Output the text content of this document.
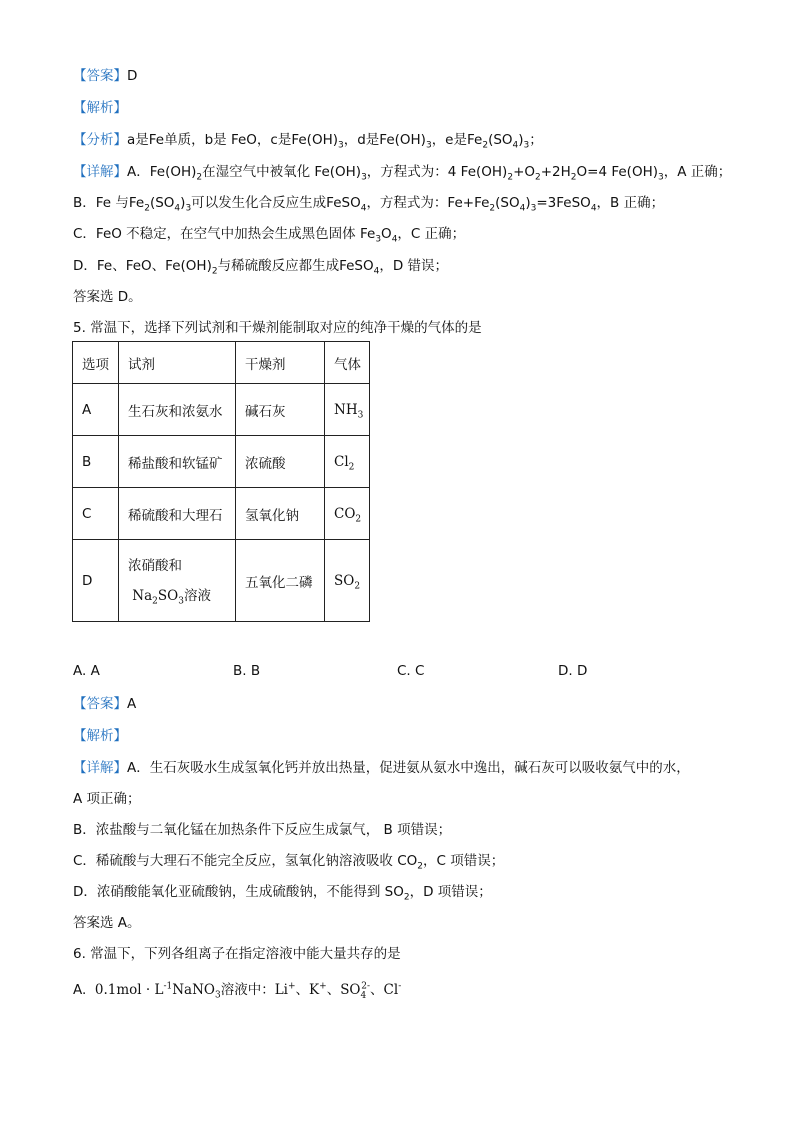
【答案】D
【解析】
【分析】a是Fe单质，b是 FeO，c是$Fe(OH)_3$，d是$Fe(OH)_3$，e是$Fe_2(SO_4)_3$；
【详解】A．$Fe(OH)_2$在湿空气中被氧化 $Fe(OH)_3$，方程式为：4 $Fe(OH)_2+O_2+2H_2O=4$ $Fe(OH)_3$，A 正确；
B．Fe 与$Fe_2(SO_4)_3$可以发生化合反应生成FeSO$_4$，方程式为：$Fe+Fe_2(SO_4)_3=3FeSO_4$，B 正确；
C．FeO 不稳定，在空气中加热会生成黑色固体 $Fe_3O_4$，C 正确；
D．Fe、FeO、$Fe(OH)_2$与稀硫酸反应都生成FeSO$_4$，D 错误；
答案选 D。
5. 常温下，选择下列试剂和干燥剂能制取对应的纯净干燥的气体的是
选项	试剂	干燥剂	气体
A	生石灰和浓氨水	碱石灰	$NH_3$
B	稀盐酸和软锰矿	浓硫酸	$Cl_2$
C	稀硫酸和大理石	氢氧化钠	$CO_2$
D	浓硝酸和
$Na_2SO_3$溶液	五氧化二磷	$SO_2$
A. A	B. B	C. C	D. D
【答案】A
【解析】
【详解】A．生石灰吸水生成氢氧化钙并放出热量，促进氨从氨水中逸出，碱石灰可以吸收氨气中的水，
A 项正确；
B．浓盐酸与二氧化锰在加热条件下反应生成氯气， B 项错误；
C．稀硫酸与大理石不能完全反应，氢氧化钠溶液吸收 $CO_2$，C 项错误；
D．浓硝酸能氧化亚硫酸钠，生成硫酸钠，不能得到 $SO_2$，D 项错误；
答案选 A。
6. 常温下，下列各组离子在指定溶液中能大量共存的是
A.  $0.1mol \cdot L^{-1}NaNO_3$溶液中：Li+、K+、$SO_4^{2-}$、Cl-
